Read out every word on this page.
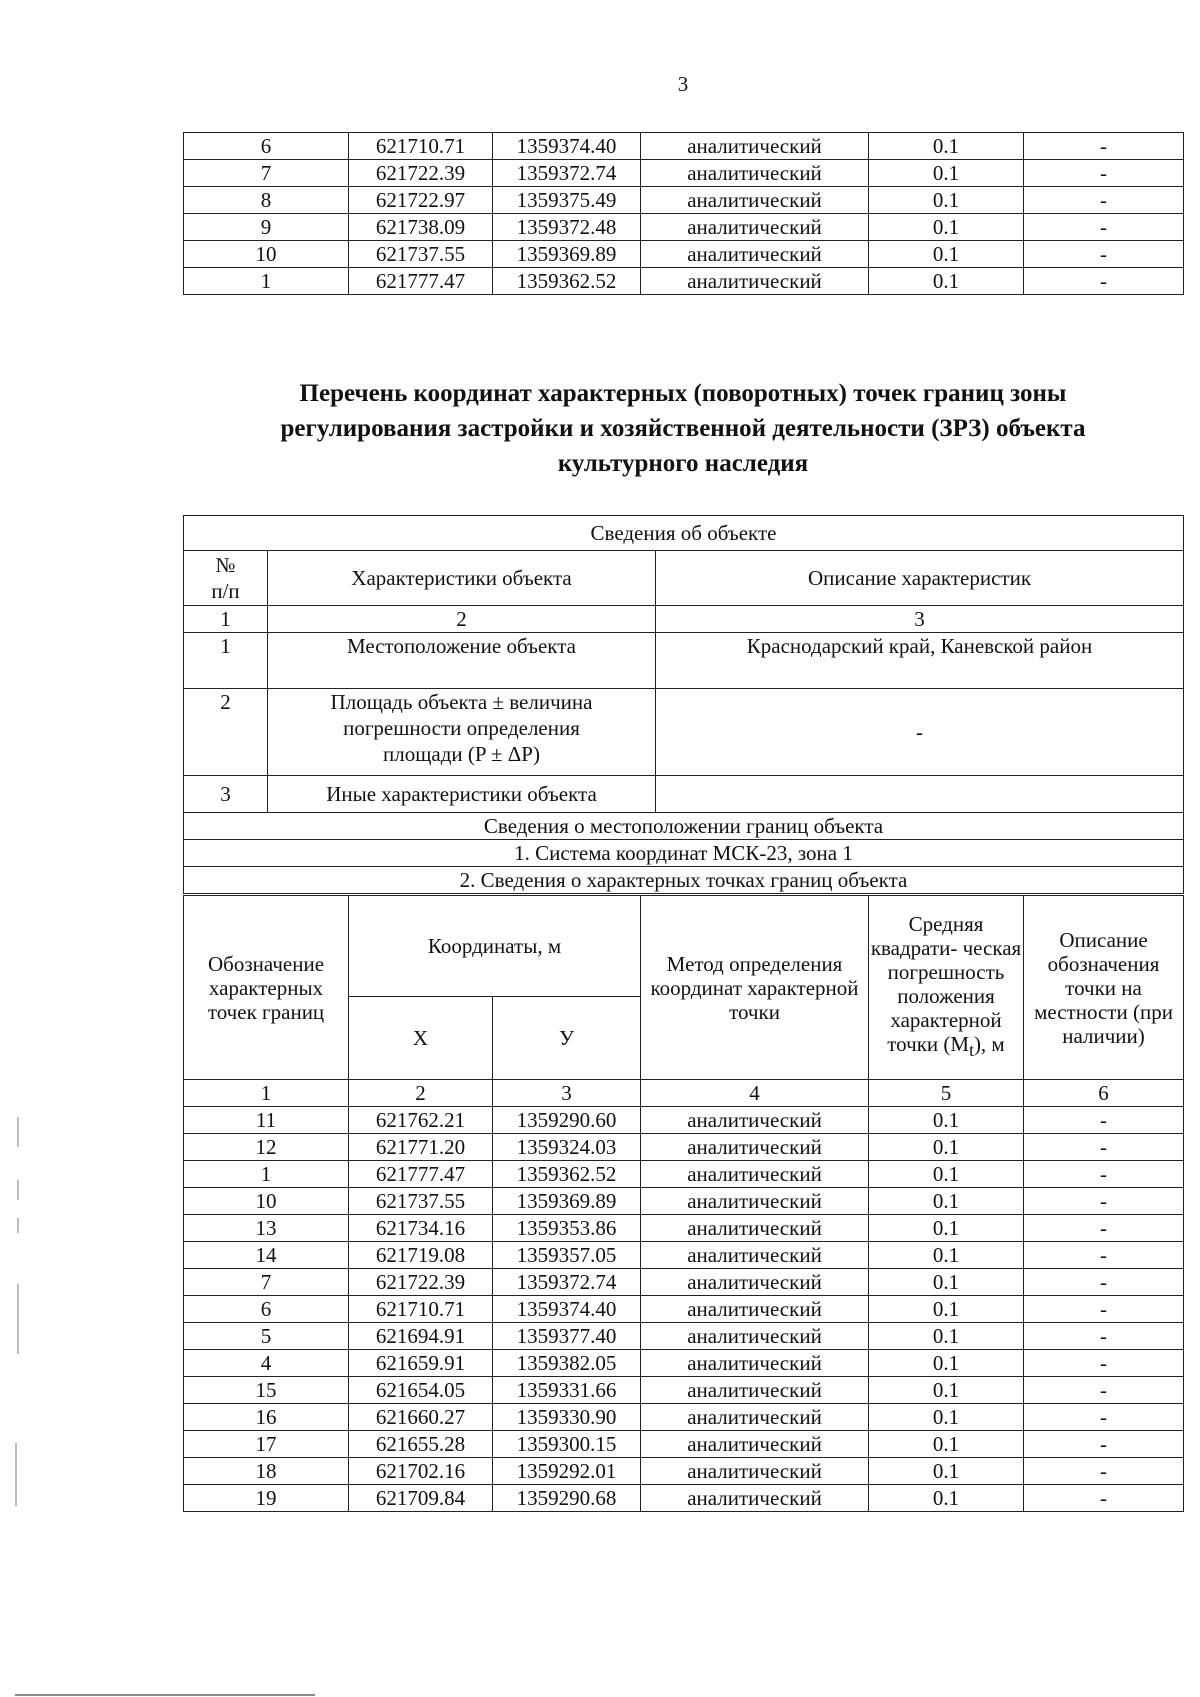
3
6	621710.71	1359374.40	аналитический	0.1	-
7	621722.39	1359372.74	аналитический	0.1	-
8	621722.97	1359375.49	аналитический	0.1	-
9	621738.09	1359372.48	аналитический	0.1	-
10	621737.55	1359369.89	аналитический	0.1	-
1	621777.47	1359362.52	аналитический	0.1	-
Перечень координат характерных (поворотных) точек границ зоны
регулирования застройки и хозяйственной деятельности (ЗРЗ) объекта
культурного наследия
Сведения об объекте		

№
п/п	Характеристики объекта	Описание характеристик
1	2	3
1	Местоположение объекта	Краснодарский край, Каневской район
2	Площадь объекта ± величина
погрешности определения
площади (P ± ΔP)	-
3	Иные характеристики объекта	
Сведения о местоположении границ объекта		
1. Система координат МСК-23, зона 1		
2. Сведения о характерных точках границ объекта		
Обозначение характерных точек границ	Координаты, м		Метод определения координат характерной точки	Средняя квадрати- ческая погрешность положения характерной точки $(M_t)$, м	Описание обозначения точки на местности (при наличии)
	X	У			
1	2	3	4	5	6
11	621762.21	1359290.60	аналитический	0.1	-
12	621771.20	1359324.03	аналитический	0.1	-
1	621777.47	1359362.52	аналитический	0.1	-
10	621737.55	1359369.89	аналитический	0.1	-
13	621734.16	1359353.86	аналитический	0.1	-
14	621719.08	1359357.05	аналитический	0.1	-
7	621722.39	1359372.74	аналитический	0.1	-
6	621710.71	1359374.40	аналитический	0.1	-
5	621694.91	1359377.40	аналитический	0.1	-
4	621659.91	1359382.05	аналитический	0.1	-
15	621654.05	1359331.66	аналитический	0.1	-
16	621660.27	1359330.90	аналитический	0.1	-
17	621655.28	1359300.15	аналитический	0.1	-
18	621702.16	1359292.01	аналитический	0.1	-
19	621709.84	1359290.68	аналитический	0.1	-
